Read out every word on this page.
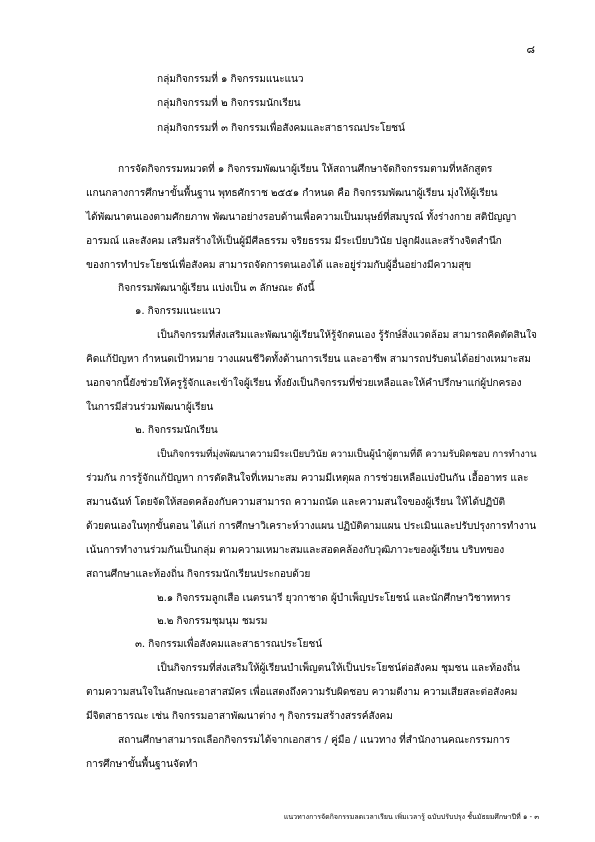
๘
กลุ่มกิจกรรมที่ ๑ กิจกรรมแนะแนว
กลุ่มกิจกรรมที่ ๒ กิจกรรมนักเรียน
กลุ่มกิจกรรมที่ ๓ กิจกรรมเพื่อสังคมและสาธารณประโยชน์
การจัดกิจกรรมหมวดที่ ๑ กิจกรรมพัฒนาผู้เรียน ให้สถานศึกษาจัดกิจกรรมตามที่หลักสูตร
แกนกลางการศึกษาขั้นพื้นฐาน พุทธศักราช ๒๕๕๑ กำหนด คือ กิจกรรมพัฒนาผู้เรียน มุ่งให้ผู้เรียน
ได้พัฒนาตนเองตามศักยภาพ พัฒนาอย่างรอบด้านเพื่อความเป็นมนุษย์ที่สมบูรณ์ ทั้งร่างกาย สติปัญญา
อารมณ์ และสังคม เสริมสร้างให้เป็นผู้มีศีลธรรม จริยธรรม มีระเบียบวินัย ปลูกฝังและสร้างจิตสำนึก
ของการทำประโยชน์เพื่อสังคม สามารถจัดการตนเองได้ และอยู่ร่วมกับผู้อื่นอย่างมีความสุข
กิจกรรมพัฒนาผู้เรียน แบ่งเป็น ๓ ลักษณะ ดังนี้
๑. กิจกรรมแนะแนว
เป็นกิจกรรมที่ส่งเสริมและพัฒนาผู้เรียนให้รู้จักตนเอง รู้รักษ์สิ่งแวดล้อม สามารถคิดตัดสินใจ
คิดแก้ปัญหา กำหนดเป้าหมาย วางแผนชีวิตทั้งด้านการเรียน และอาชีพ สามารถปรับตนได้อย่างเหมาะสม
นอกจากนี้ยังช่วยให้ครูรู้จักและเข้าใจผู้เรียน ทั้งยังเป็นกิจกรรมที่ช่วยเหลือและให้คำปรึกษาแก่ผู้ปกครอง
ในการมีส่วนร่วมพัฒนาผู้เรียน
๒. กิจกรรมนักเรียน
เป็นกิจกรรมที่มุ่งพัฒนาความมีระเบียบวินัย ความเป็นผู้นำผู้ตามที่ดี ความรับผิดชอบ การทำงาน
ร่วมกัน การรู้จักแก้ปัญหา การตัดสินใจที่เหมาะสม ความมีเหตุผล การช่วยเหลือแบ่งปันกัน เอื้ออาทร และ
สมานฉันท์ โดยจัดให้สอดคล้องกับความสามารถ ความถนัด และความสนใจของผู้เรียน ให้ได้ปฏิบัติ
ด้วยตนเองในทุกขั้นตอน ได้แก่ การศึกษาวิเคราะห์วางแผน ปฏิบัติตามแผน ประเมินและปรับปรุงการทำงาน
เน้นการทำงานร่วมกันเป็นกลุ่ม ตามความเหมาะสมและสอดคล้องกับวุฒิภาวะของผู้เรียน บริบทของ
สถานศึกษาและท้องถิ่น กิจกรรมนักเรียนประกอบด้วย
๒.๑ กิจกรรมลูกเสือ เนตรนารี ยุวกาชาด ผู้บำเพ็ญประโยชน์ และนักศึกษาวิชาทหาร
๒.๒ กิจกรรมชุมนุม ชมรม
๓. กิจกรรมเพื่อสังคมและสาธารณประโยชน์
เป็นกิจกรรมที่ส่งเสริมให้ผู้เรียนบำเพ็ญตนให้เป็นประโยชน์ต่อสังคม ชุมชน และท้องถิ่น
ตามความสนใจในลักษณะอาสาสมัคร เพื่อแสดงถึงความรับผิดชอบ ความดีงาม ความเสียสละต่อสังคม
มีจิตสาธารณะ เช่น กิจกรรมอาสาพัฒนาต่าง ๆ กิจกรรมสร้างสรรค์สังคม
สถานศึกษาสามารถเลือกกิจกรรมได้จากเอกสาร / คู่มือ / แนวทาง ที่สำนักงานคณะกรรมการ
การศึกษาขั้นพื้นฐานจัดทำ
แนวทางการจัดกิจกรรมลดเวลาเรียน เพิ่มเวลารู้ ฉบับปรับปรุง ชั้นมัธยมศึกษาปีที่ ๑ - ๓
